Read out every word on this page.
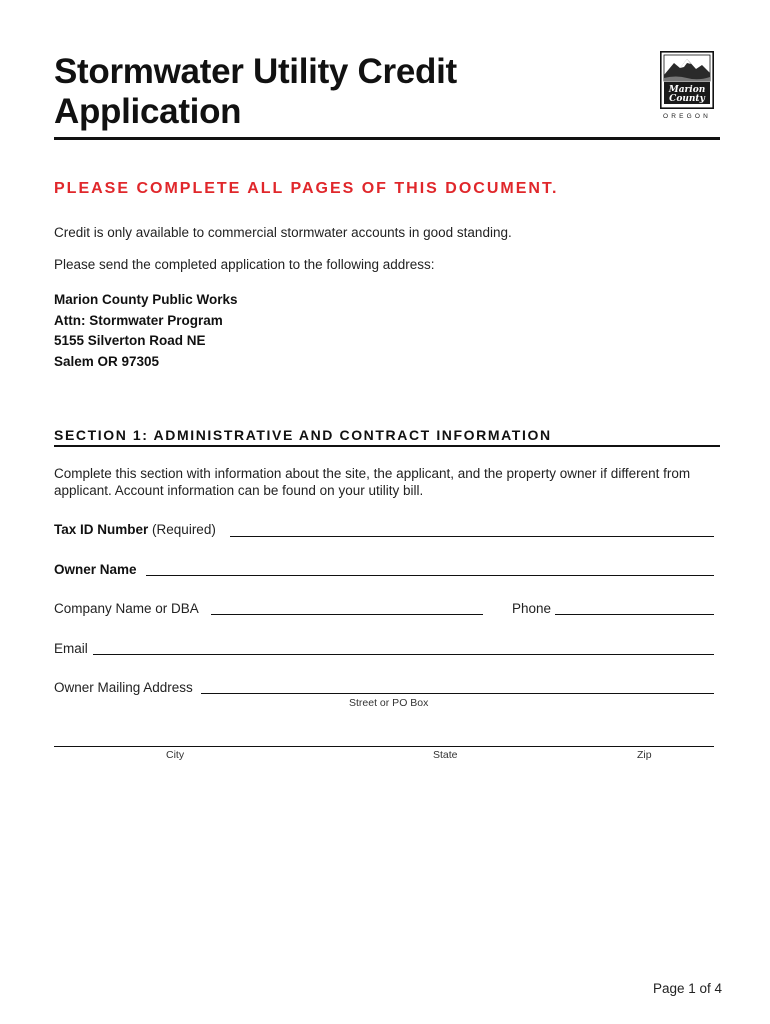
Stormwater Utility Credit
Application
Marion
County
OREGON
PLEASE COMPLETE ALL PAGES OF THIS DOCUMENT.
Credit is only available to commercial stormwater accounts in good standing.
Please send the completed application to the following address:
Marion County Public Works
Attn: Stormwater Program
5155 Silverton Road NE
Salem OR 97305
SECTION 1: ADMINISTRATIVE AND CONTRACT INFORMATION
Complete this section with information about the site, the applicant, and the property owner if different from applicant. Account information can be found on your utility bill.
Tax ID Number (Required)
Owner Name
Company Name or DBA	Phone
Email
Owner Mailing Address
Street or PO Box
City	State	Zip
Page 1 of 4
